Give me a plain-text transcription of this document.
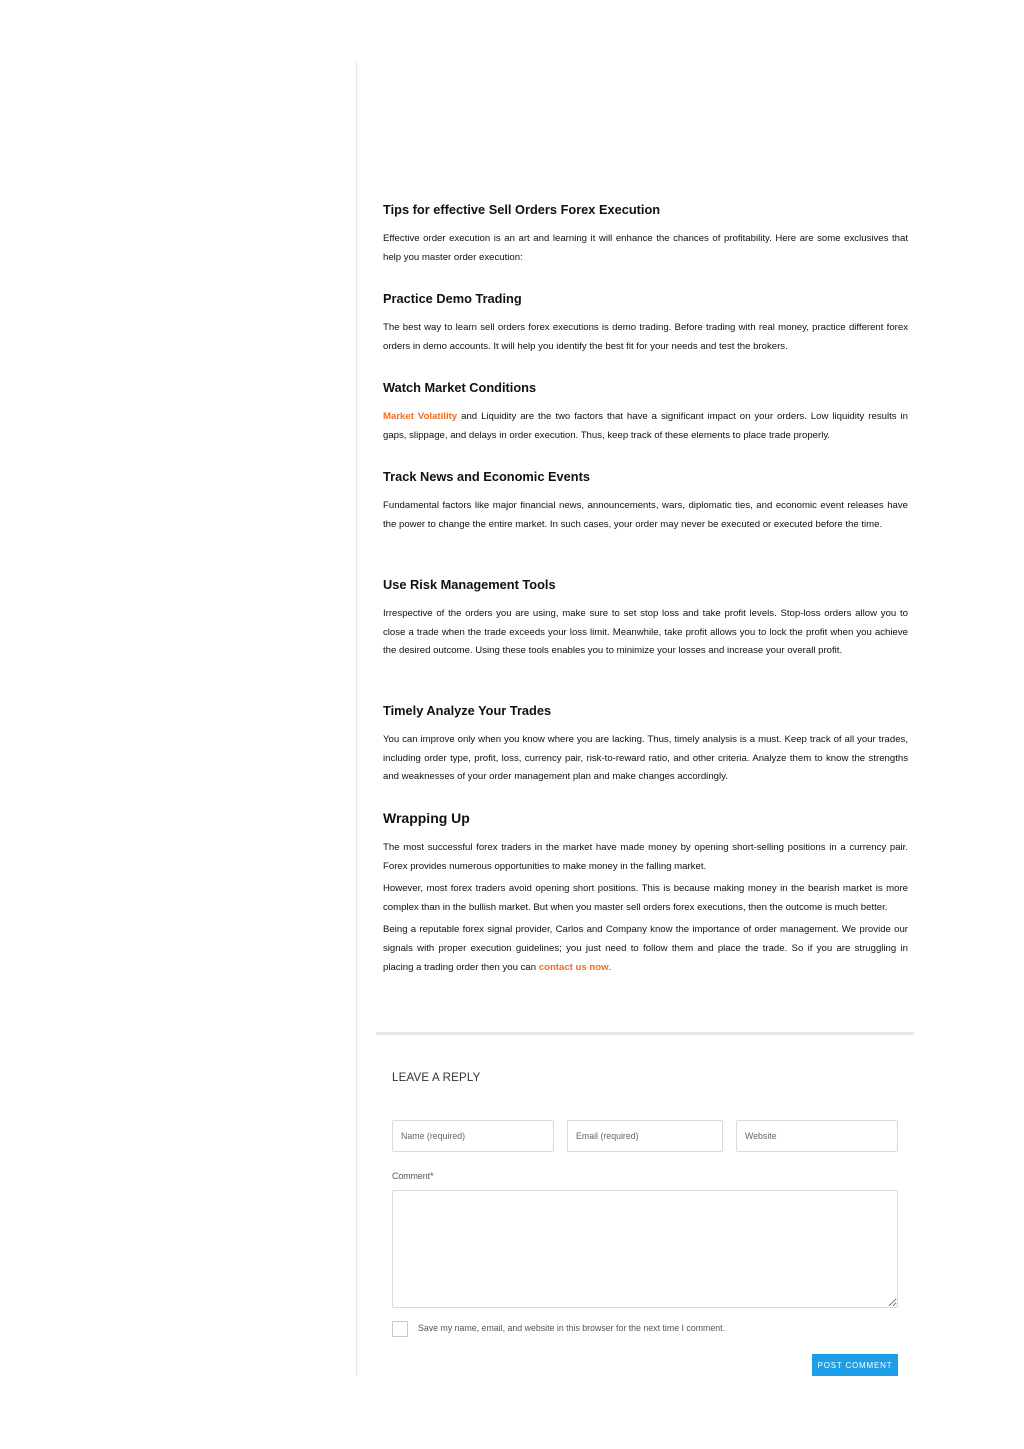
Tips for effective Sell Orders Forex Execution

Effective order execution is an art and learning it will enhance the chances of profitability. Here are some exclusives that help you master order execution:

Practice Demo Trading

The best way to learn sell orders forex executions is demo trading. Before trading with real money, practice different forex orders in demo accounts. It will help you identify the best fit for your needs and test the brokers.

Watch Market Conditions

Market Volatility and Liquidity are the two factors that have a significant impact on your orders. Low liquidity results in gaps, slippage, and delays in order execution. Thus, keep track of these elements to place trade properly.

Track News and Economic Events

Fundamental factors like major financial news, announcements, wars, diplomatic ties, and economic event releases have the power to change the entire market. In such cases, your order may never be executed or executed before the time.

Use Risk Management Tools

Irrespective of the orders you are using, make sure to set stop loss and take profit levels. Stop-loss orders allow you to close a trade when the trade exceeds your loss limit. Meanwhile, take profit allows you to lock the profit when you achieve the desired outcome. Using these tools enables you to minimize your losses and increase your overall profit.

Timely Analyze Your Trades

You can improve only when you know where you are lacking. Thus, timely analysis is a must. Keep track of all your trades, including order type, profit, loss, currency pair, risk-to-reward ratio, and other criteria. Analyze them to know the strengths and weaknesses of your order management plan and make changes accordingly.

Wrapping Up

The most successful forex traders in the market have made money by opening short-selling positions in a currency pair. Forex provides numerous opportunities to make money in the falling market.

However, most forex traders avoid opening short positions. This is because making money in the bearish market is more complex than in the bullish market. But when you master sell orders forex executions, then the outcome is much better.

Being a reputable forex signal provider, Carlos and Company know the importance of order management. We provide our signals with proper execution guidelines; you just need to follow them and place the trade. So if you are struggling in placing a trading order then you can contact us now.

LEAVE A REPLY
Name (required)
Email (required)
Website
Comment*
Save my name, email, and website in this browser for the next time I comment.
POST COMMENT
